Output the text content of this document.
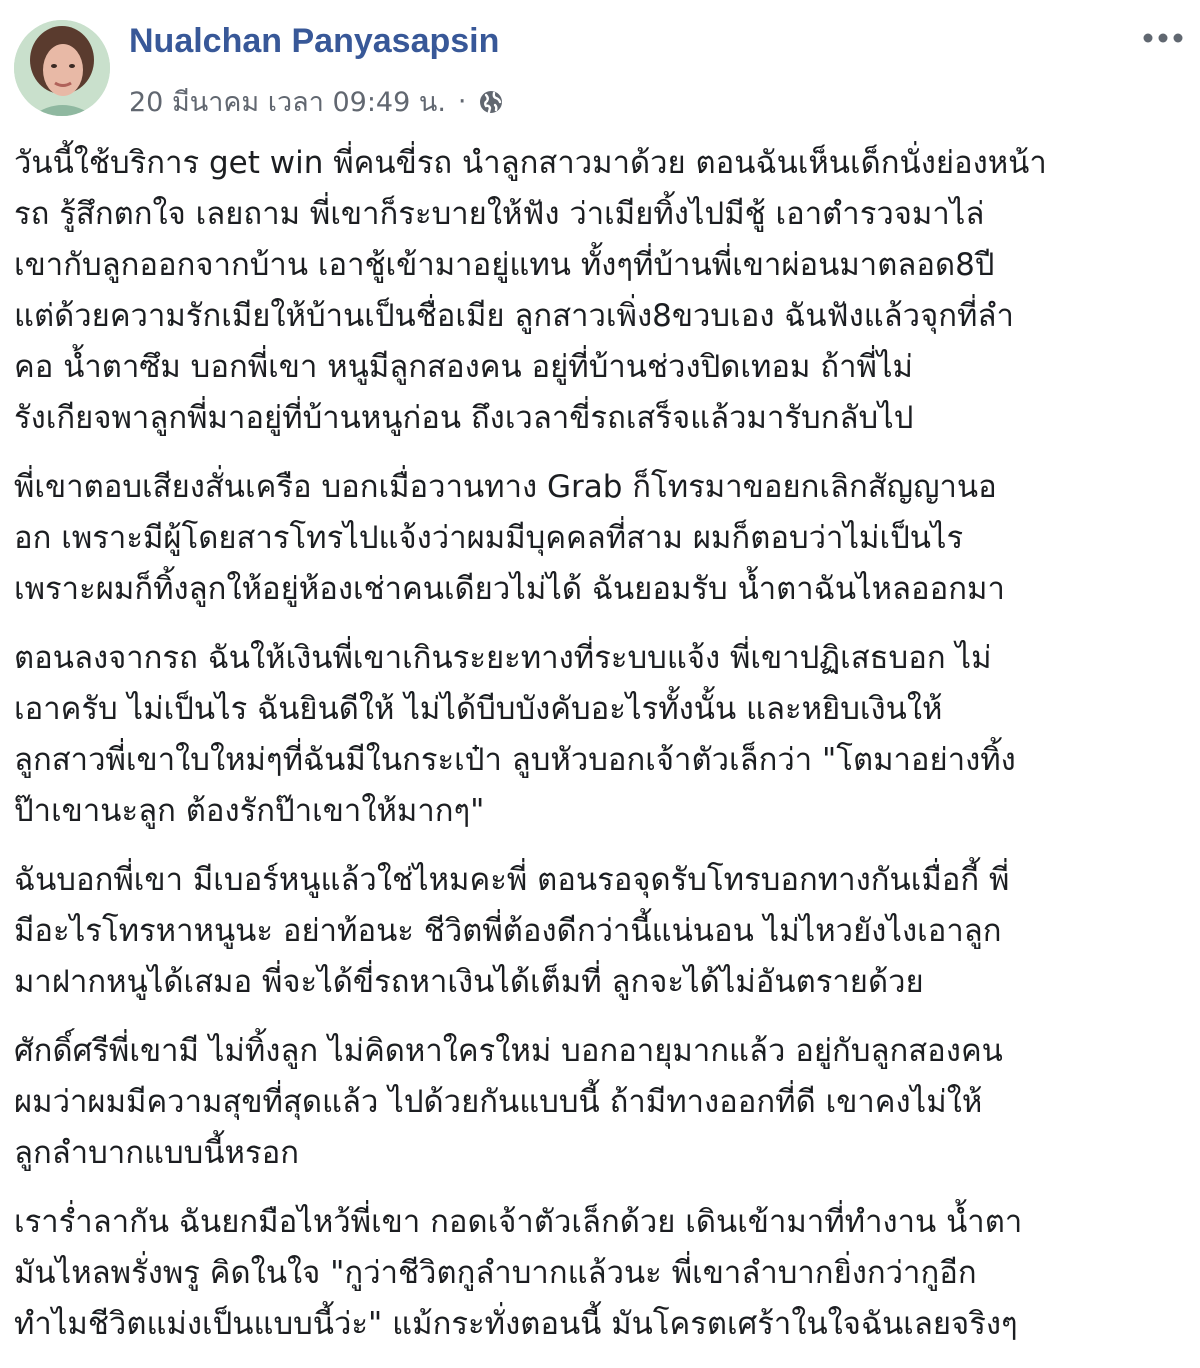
Nualchan Panyasapsin
20 มีนาคม เวลา 09:49 น. ·

วันนี้ใช้บริการ get win พี่คนขี่รถ นำลูกสาวมาด้วย ตอนฉันเห็นเด็กนั่งย่องหน้า
รถ รู้สึกตกใจ เลยถาม พี่เขาก็ระบายให้ฟัง ว่าเมียทิ้งไปมีชู้ เอาตำรวจมาไล่
เขากับลูกออกจากบ้าน เอาชู้เข้ามาอยู่แทน ทั้งๆที่บ้านพี่เขาผ่อนมาตลอด8ปี
แต่ด้วยความรักเมียให้บ้านเป็นชื่อเมีย ลูกสาวเพิ่ง8ขวบเอง ฉันฟังแล้วจุกที่ลำ
คอ น้ำตาซึม บอกพี่เขา หนูมีลูกสองคน อยู่ที่บ้านช่วงปิดเทอม ถ้าพี่ไม่
รังเกียจพาลูกพี่มาอยู่ที่บ้านหนูก่อน ถึงเวลาขี่รถเสร็จแล้วมารับกลับไป

พี่เขาตอบเสียงสั่นเครือ บอกเมื่อวานทาง Grab ก็โทรมาขอยกเลิกสัญญานอ
อก เพราะมีผู้โดยสารโทรไปแจ้งว่าผมมีบุคคลที่สาม ผมก็ตอบว่าไม่เป็นไร
เพราะผมก็ทิ้งลูกให้อยู่ห้องเช่าคนเดียวไม่ได้ ฉันยอมรับ น้ำตาฉันไหลออกมา

ตอนลงจากรถ ฉันให้เงินพี่เขาเกินระยะทางที่ระบบแจ้ง พี่เขาปฏิเสธบอก ไม่
เอาครับ ไม่เป็นไร ฉันยินดีให้ ไม่ได้บีบบังคับอะไรทั้งนั้น และหยิบเงินให้
ลูกสาวพี่เขาใบใหม่ๆที่ฉันมีในกระเป๋า ลูบหัวบอกเจ้าตัวเล็กว่า "โตมาอย่างทิ้ง
ป๊าเขานะลูก ต้องรักป๊าเขาให้มากๆ"

ฉันบอกพี่เขา มีเบอร์หนูแล้วใช่ไหมคะพี่ ตอนรอจุดรับโทรบอกทางกันเมื่อกี้ พี่
มีอะไรโทรหาหนูนะ อย่าท้อนะ ชีวิตพี่ต้องดีกว่านี้แน่นอน ไม่ไหวยังไงเอาลูก
มาฝากหนูได้เสมอ พี่จะได้ขี่รถหาเงินได้เต็มที่ ลูกจะได้ไม่อันตรายด้วย

ศักดิ์ศรีพี่เขามี ไม่ทิ้งลูก ไม่คิดหาใครใหม่ บอกอายุมากแล้ว อยู่กับลูกสองคน
ผมว่าผมมีความสุขที่สุดแล้ว ไปด้วยกันแบบนี้ ถ้ามีทางออกที่ดี เขาคงไม่ให้
ลูกลำบากแบบนี้หรอก

เราร่ำลากัน ฉันยกมือไหว้พี่เขา กอดเจ้าตัวเล็กด้วย เดินเข้ามาที่ทำงาน น้ำตา
มันไหลพรั่งพรู คิดในใจ "กูว่าชีวิตกูลำบากแล้วนะ พี่เขาลำบากยิ่งกว่ากูอีก
ทำไมชีวิตแม่งเป็นแบบนี้ว่ะ" แม้กระทั่งตอนนี้ มันโครตเศร้าในใจฉันเลยจริงๆ
